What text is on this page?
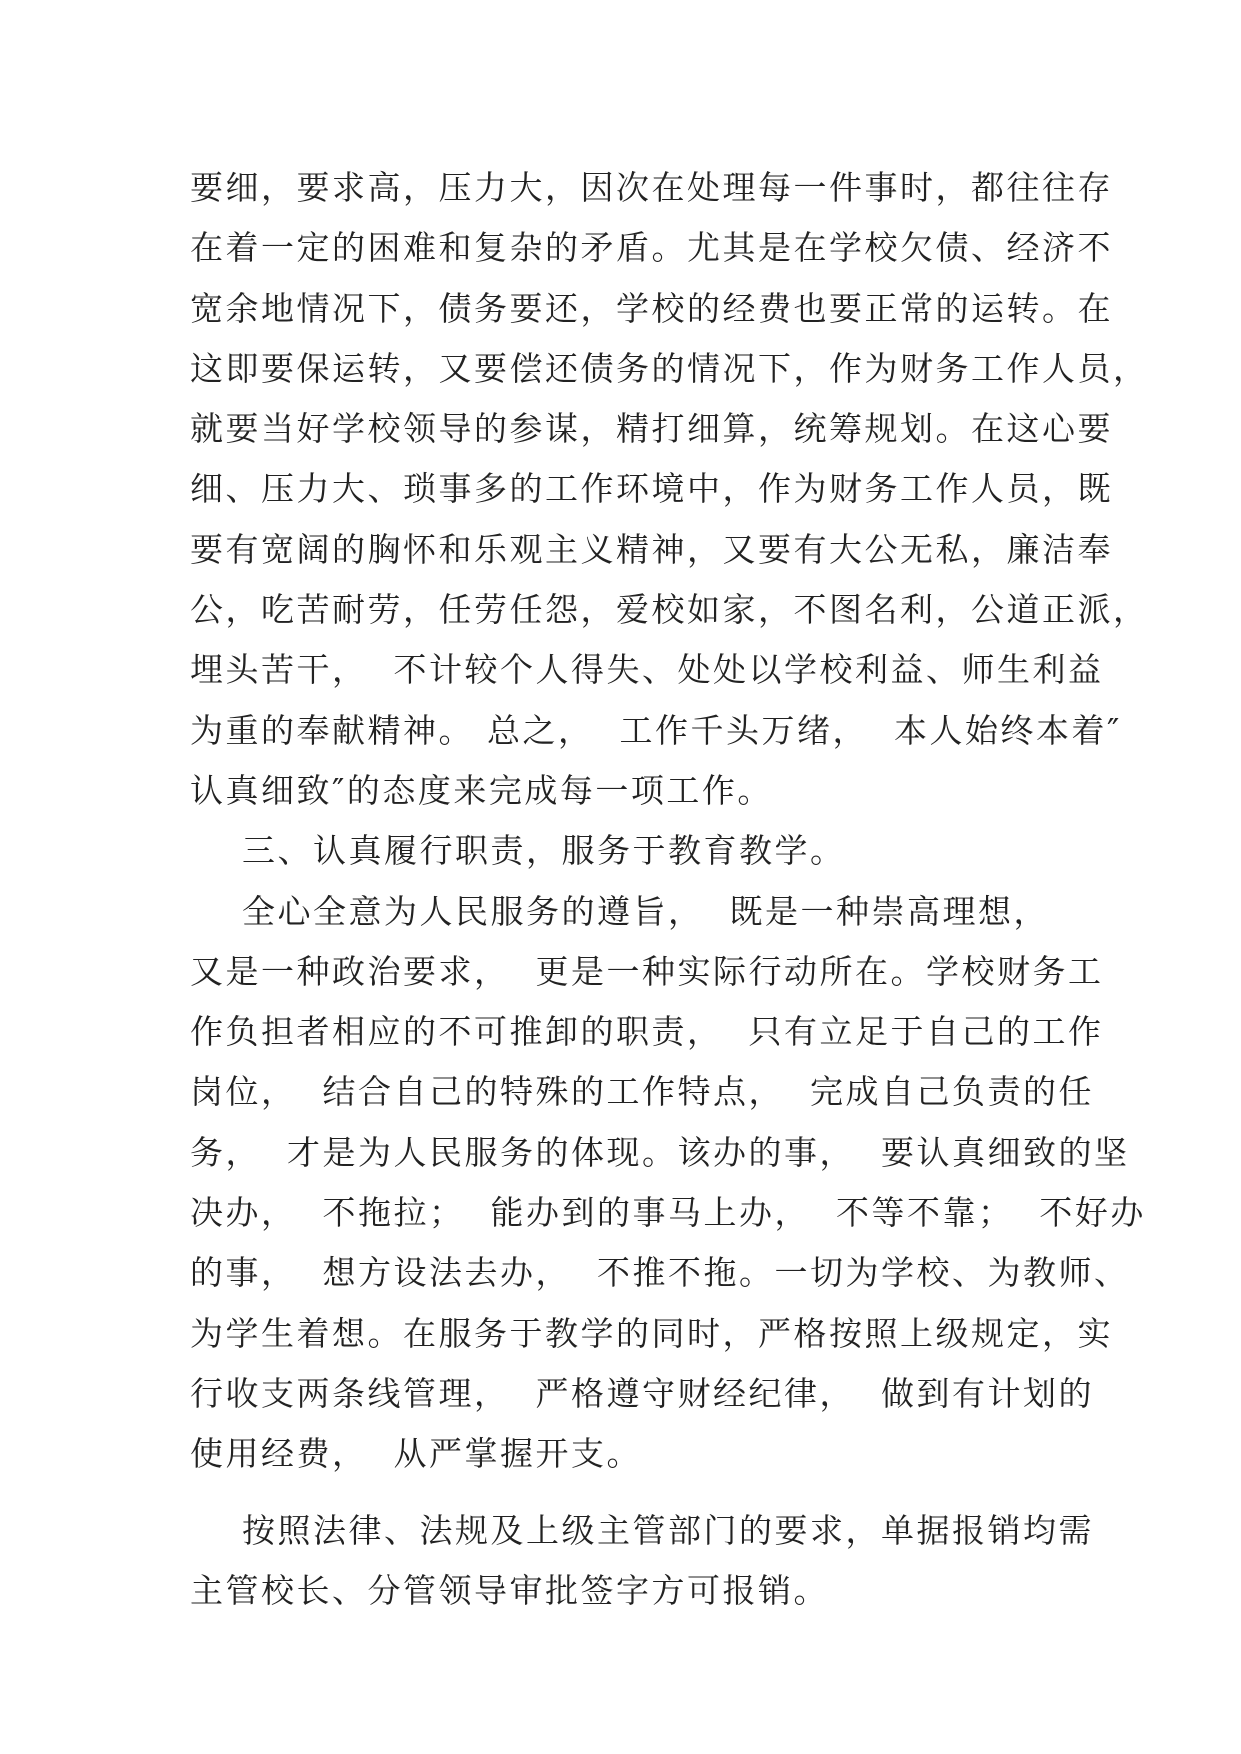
要细，要求高，压力大，因次在处理每一件事时，都往往存
在着一定的困难和复杂的矛盾。尤其是在学校欠债、经济不
宽余地情况下，债务要还，学校的经费也要正常的运转。在
这即要保运转，又要偿还债务的情况下，作为财务工作人员，
就要当好学校领导的参谋，精打细算，统筹规划。在这心要
细、压力大、琐事多的工作环境中，作为财务工作人员，既
要有宽阔的胸怀和乐观主义精神，又要有大公无私，廉洁奉
公，吃苦耐劳，任劳任怨，爱校如家，不图名利，公道正派，
埋头苦干，  不计较个人得失、处处以学校利益、师生利益
为重的奉献精神。 总之，  工作千头万绪，  本人始终本着″
认真细致″的态度来完成每一项工作。
三、认真履行职责，服务于教育教学。
全心全意为人民服务的遵旨，  既是一种崇高理想，
又是一种政治要求，  更是一种实际行动所在。学校财务工
作负担者相应的不可推卸的职责，  只有立足于自己的工作
岗位，  结合自己的特殊的工作特点，  完成自己负责的任
务，  才是为人民服务的体现。该办的事，  要认真细致的坚
决办，  不拖拉；  能办到的事马上办，  不等不靠；  不好办
的事，  想方设法去办，  不推不拖。一切为学校、为教师、
为学生着想。在服务于教学的同时，严格按照上级规定，实
行收支两条线管理，  严格遵守财经纪律，  做到有计划的
使用经费，  从严掌握开支。
按照法律、法规及上级主管部门的要求，单据报销均需
主管校长、分管领导审批签字方可报销。
